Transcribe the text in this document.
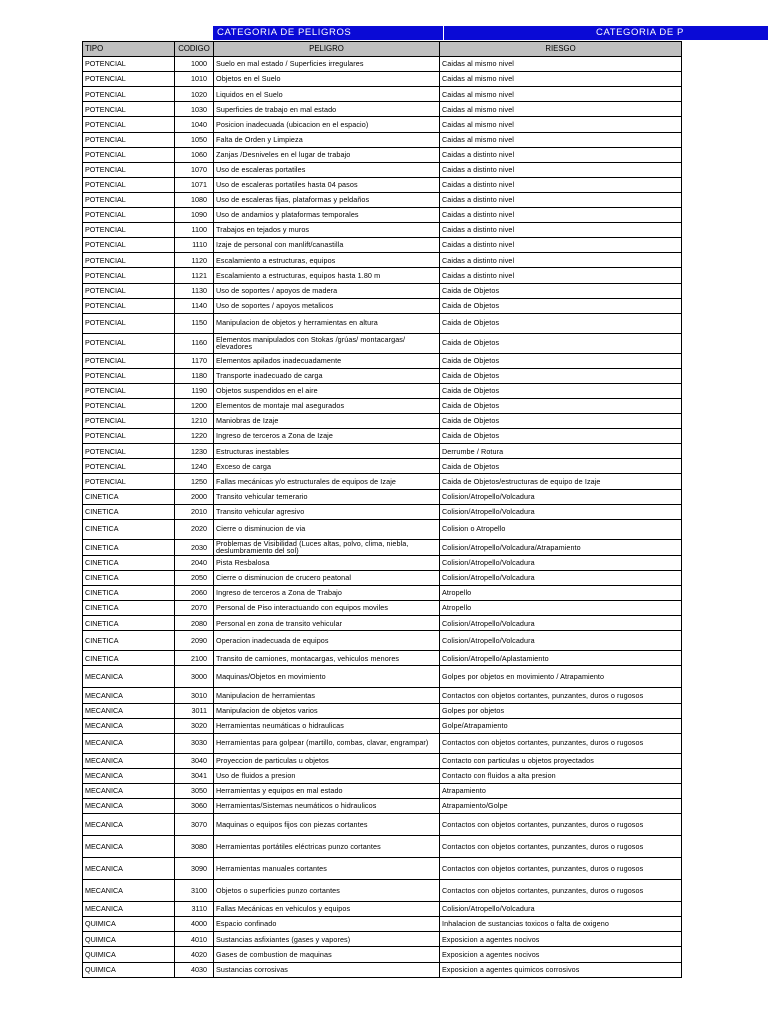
CATEGORIA DE PELIGROS	CATEGORIA DE P
TIPO	CODIGO	PELIGRO	RIESGO
POTENCIAL	1000	Suelo en mal estado / Superficies irregulares	Caidas al mismo nivel
POTENCIAL	1010	Objetos en el Suelo	Caidas al mismo nivel
POTENCIAL	1020	Liquidos en el Suelo	Caidas al mismo nivel
POTENCIAL	1030	Superficies de trabajo en mal estado	Caidas al mismo nivel
POTENCIAL	1040	Posicion inadecuada (ubicacion en el espacio)	Caidas al mismo nivel
POTENCIAL	1050	Falta de Orden y Limpieza	Caidas al mismo nivel
POTENCIAL	1060	Zanjas /Desniveles en el lugar de trabajo	Caidas a distinto nivel
POTENCIAL	1070	Uso de escaleras portatiles	Caidas a distinto nivel
POTENCIAL	1071	Uso de escaleras portatiles hasta 04 pasos	Caidas a distinto nivel
POTENCIAL	1080	Uso de escaleras fijas, plataformas y peldaños	Caidas a distinto nivel
POTENCIAL	1090	Uso de andamios y plataformas temporales	Caidas a distinto nivel
POTENCIAL	1100	Trabajos en tejados y muros	Caidas a distinto nivel
POTENCIAL	1110	Izaje de personal con manlift/canastilla	Caidas a distinto nivel
POTENCIAL	1120	Escalamiento a estructuras, equipos	Caidas a distinto nivel
POTENCIAL	1121	Escalamiento a estructuras, equipos hasta 1.80 m	Caidas a distinto nivel
POTENCIAL	1130	Uso de soportes / apoyos de madera	Caida de Objetos
POTENCIAL	1140	Uso de soportes / apoyos metalicos	Caida de Objetos
POTENCIAL	1150	Manipulacion de objetos y herramientas en altura	Caida de Objetos
POTENCIAL	1160	Elementos manipulados con Stokas /grúas/ montacargas/ elevadores	Caida de Objetos
POTENCIAL	1170	Elementos apilados inadecuadamente	Caida de Objetos
POTENCIAL	1180	Transporte inadecuado de carga	Caida de Objetos
POTENCIAL	1190	Objetos suspendidos en el aire	Caida de Objetos
POTENCIAL	1200	Elementos de montaje mal asegurados	Caida de Objetos
POTENCIAL	1210	Maniobras de Izaje	Caida de Objetos
POTENCIAL	1220	Ingreso de terceros a Zona de Izaje	Caida de Objetos
POTENCIAL	1230	Estructuras inestables	Derrumbe / Rotura
POTENCIAL	1240	Exceso de carga	Caida de Objetos
POTENCIAL	1250	Fallas mecánicas y/o estructurales de equipos de Izaje	Caida de Objetos/estructuras de equipo de Izaje
CINETICA	2000	Transito vehicular temerario	Colision/Atropello/Volcadura
CINETICA	2010	Transito vehicular agresivo	Colision/Atropello/Volcadura
CINETICA	2020	Cierre o disminucion de via	Colision o Atropello
CINETICA	2030	Problemas de Visibilidad (Luces altas, polvo, clima, niebla, deslumbramiento del sol)	Colision/Atropello/Volcadura/Atrapamiento
CINETICA	2040	Pista Resbalosa	Colision/Atropello/Volcadura
CINETICA	2050	Cierre o disminucion de crucero peatonal	Colision/Atropello/Volcadura
CINETICA	2060	Ingreso de terceros a Zona de Trabajo	Atropello
CINETICA	2070	Personal de Piso interactuando con equipos moviles	Atropello
CINETICA	2080	Personal en zona de transito vehicular	Colision/Atropello/Volcadura
CINETICA	2090	Operacion inadecuada de equipos	Colision/Atropello/Volcadura
CINETICA	2100	Transito de camiones, montacargas, vehiculos menores	Colision/Atropello/Aplastamiento
MECANICA	3000	Maquinas/Objetos en movimiento	Golpes por objetos en movimiento / Atrapamiento
MECANICA	3010	Manipulacion de herramientas	Contactos con objetos cortantes, punzantes, duros o rugosos
MECANICA	3011	Manipulacion de objetos varios	Golpes por objetos
MECANICA	3020	Herramientas neumáticas o hidraulicas	Golpe/Atrapamiento
MECANICA	3030	Herramientas para golpear (martillo, combas, clavar, engrampar)	Contactos con objetos cortantes, punzantes, duros o rugosos
MECANICA	3040	Proyeccion de particulas u objetos	Contacto con particulas u objetos proyectados
MECANICA	3041	Uso de fluidos a presion	Contacto con fluidos a alta presion
MECANICA	3050	Herramientas y equipos en mal estado	Atrapamiento
MECANICA	3060	Herramientas/Sistemas neumáticos o hidraulicos	Atrapamiento/Golpe
MECANICA	3070	Maquinas o equipos fijos con piezas cortantes	Contactos con objetos cortantes, punzantes, duros o rugosos
MECANICA	3080	Herramientas portátiles eléctricas punzo cortantes	Contactos con objetos cortantes, punzantes, duros o rugosos
MECANICA	3090	Herramientas manuales cortantes	Contactos con objetos cortantes, punzantes, duros o rugosos
MECANICA	3100	Objetos o superficies punzo cortantes	Contactos con objetos cortantes, punzantes, duros o rugosos
MECANICA	3110	Fallas Mecánicas en vehiculos y equipos	Colision/Atropello/Volcadura
QUIMICA	4000	Espacio confinado	Inhalacion de sustancias toxicos o falta de oxigeno
QUIMICA	4010	Sustancias asfixiantes (gases y vapores)	Exposicion a agentes nocivos
QUIMICA	4020	Gases de combustion de maquinas	Exposicion a agentes nocivos
QUIMICA	4030	Sustancias corrosivas	Exposicion a agentes quimicos corrosivos
